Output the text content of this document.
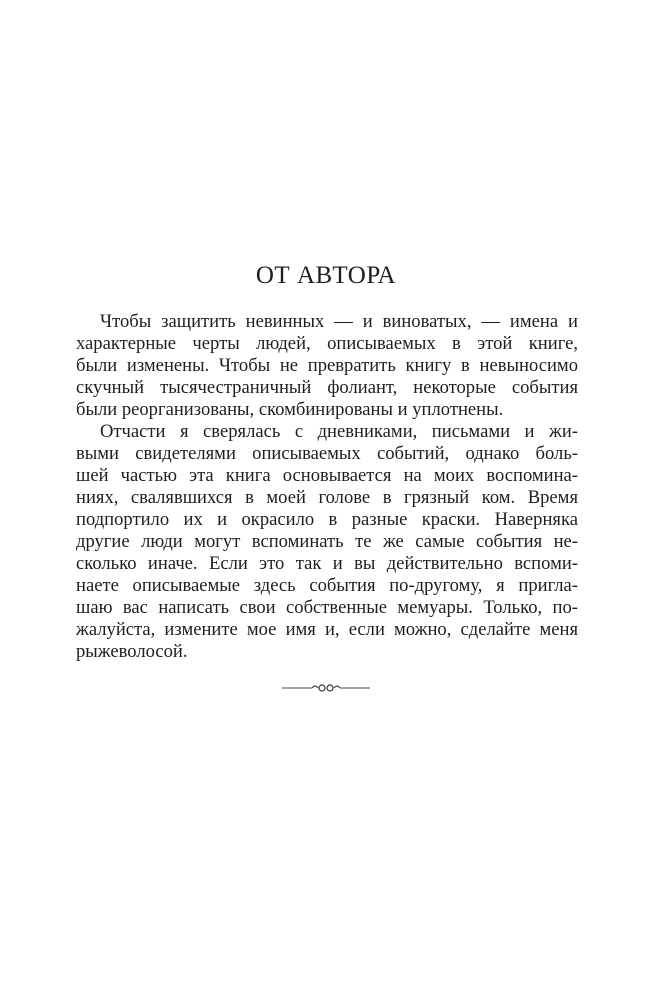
ОТ АВТОРА
Чтобы защитить невинных — и виноватых, — имена и
характерные черты людей, описываемых в этой книге,
были изменены. Чтобы не превратить книгу в невыносимо
скучный тысячестраничный фолиант, некоторые события
были реорганизованы, скомбинированы и уплотнены.
Отчасти я сверялась с дневниками, письмами и жи-
выми свидетелями описываемых событий, однако боль-
шей частью эта книга основывается на моих воспомина-
ниях, свалявшихся в моей голове в грязный ком. Время
подпортило их и окрасило в разные краски. Наверняка
другие люди могут вспоминать те же самые события не-
сколько иначе. Если это так и вы действительно вспоми-
наете описываемые здесь события по-другому, я пригла-
шаю вас написать свои собственные мемуары. Только, по-
жалуйста, измените мое имя и, если можно, сделайте меня
рыжеволосой.
